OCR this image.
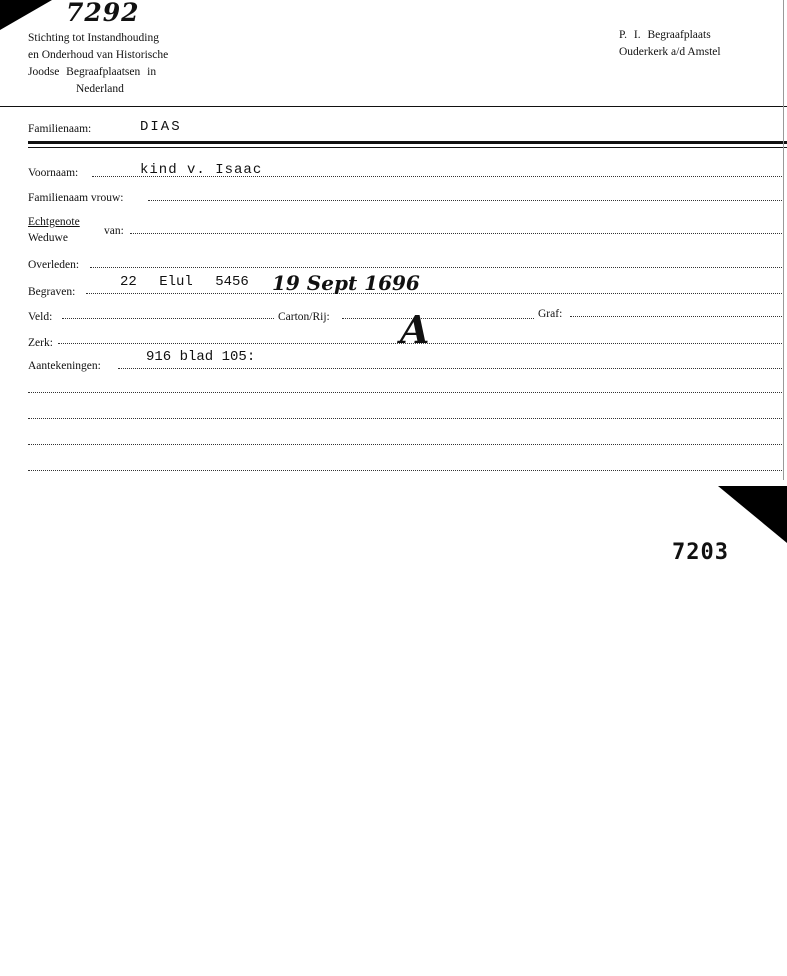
7292
Stichting tot Instandhouding
en Onderhoud van Historische
Joodse Begraafplaatsen in
Nederland
P. I. Begraafplaats
Ouderkerk a/d Amstel
Familienaam:	DIAS
Voornaam:	kind v. Isaac
Familienaam vrouw:
Echtgenote
Weduwe
van:
Overleden:
Begraven:
22 Elul 5456 19 Sept 1696
Veld:	Carton/Rij: A	Graf:
Zerk:
Aantekeningen:
916 blad 105:
7203
